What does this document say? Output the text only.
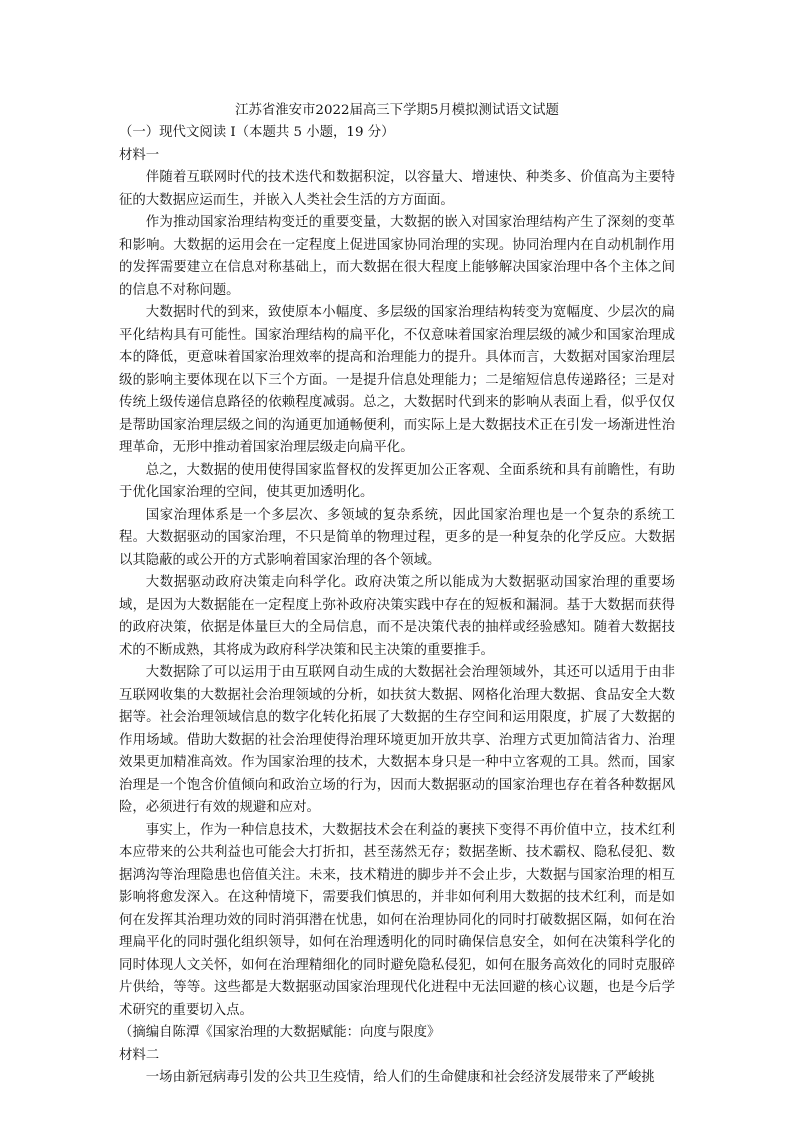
江苏省淮安市2022届高三下学期5月模拟测试语文试题

（一）现代文阅读 I（本题共 5 小题，19 分）

材料一

伴随着互联网时代的技术迭代和数据积淀，以容量大、增速快、种类多、价值高为主要特征的大数据应运而生，并嵌入人类社会生活的方方面面。

作为推动国家治理结构变迁的重要变量，大数据的嵌入对国家治理结构产生了深刻的变革和影响。大数据的运用会在一定程度上促进国家协同治理的实现。协同治理内在自动机制作用的发挥需要建立在信息对称基础上，而大数据在很大程度上能够解决国家治理中各个主体之间的信息不对称问题。

大数据时代的到来，致使原本小幅度、多层级的国家治理结构转变为宽幅度、少层次的扁平化结构具有可能性。国家治理结构的扁平化，不仅意味着国家治理层级的减少和国家治理成本的降低，更意味着国家治理效率的提高和治理能力的提升。具体而言，大数据对国家治理层级的影响主要体现在以下三个方面。一是提升信息处理能力；二是缩短信息传递路径；三是对传统上级传递信息路径的依赖程度减弱。总之，大数据时代到来的影响从表面上看，似乎仅仅是帮助国家治理层级之间的沟通更加通畅便利，而实际上是大数据技术正在引发一场渐进性治理革命，无形中推动着国家治理层级走向扁平化。

总之，大数据的使用使得国家监督权的发挥更加公正客观、全面系统和具有前瞻性，有助于优化国家治理的空间，使其更加透明化。

国家治理体系是一个多层次、多领域的复杂系统，因此国家治理也是一个复杂的系统工程。大数据驱动的国家治理，不只是简单的物理过程，更多的是一种复杂的化学反应。大数据以其隐蔽的或公开的方式影响着国家治理的各个领域。

大数据驱动政府决策走向科学化。政府决策之所以能成为大数据驱动国家治理的重要场域，是因为大数据能在一定程度上弥补政府决策实践中存在的短板和漏洞。基于大数据而获得的政府决策，依据是体量巨大的全局信息，而不是决策代表的抽样或经验感知。随着大数据技术的不断成熟，其将成为政府科学决策和民主决策的重要推手。

大数据除了可以运用于由互联网自动生成的大数据社会治理领域外，其还可以适用于由非互联网收集的大数据社会治理领域的分析，如扶贫大数据、网格化治理大数据、食品安全大数据等。社会治理领域信息的数字化转化拓展了大数据的生存空间和运用限度，扩展了大数据的作用场域。借助大数据的社会治理使得治理环境更加开放共享、治理方式更加简洁省力、治理效果更加精准高效。作为国家治理的技术，大数据本身只是一种中立客观的工具。然而，国家治理是一个饱含价值倾向和政治立场的行为，因而大数据驱动的国家治理也存在着各种数据风险，必须进行有效的规避和应对。

事实上，作为一种信息技术，大数据技术会在利益的裹挟下变得不再价值中立，技术红利本应带来的公共利益也可能会大打折扣，甚至荡然无存；数据垄断、技术霸权、隐私侵犯、数据鸿沟等治理隐患也倍值关注。未来，技术精进的脚步并不会止步，大数据与国家治理的相互影响将愈发深入。在这种情境下，需要我们慎思的，并非如何利用大数据的技术红利，而是如何在发挥其治理功效的同时消弭潜在忧患，如何在治理协同化的同时打破数据区隔，如何在治理扁平化的同时强化组织领导，如何在治理透明化的同时确保信息安全，如何在决策科学化的同时体现人文关怀，如何在治理精细化的同时避免隐私侵犯，如何在服务高效化的同时克服碎片供给，等等。这些都是大数据驱动国家治理现代化进程中无法回避的核心议题，也是今后学术研究的重要切入点。

（摘编自陈潭《国家治理的大数据赋能：向度与限度》

材料二

一场由新冠病毒引发的公共卫生疫情，给人们的生命健康和社会经济发展带来了严峻挑
